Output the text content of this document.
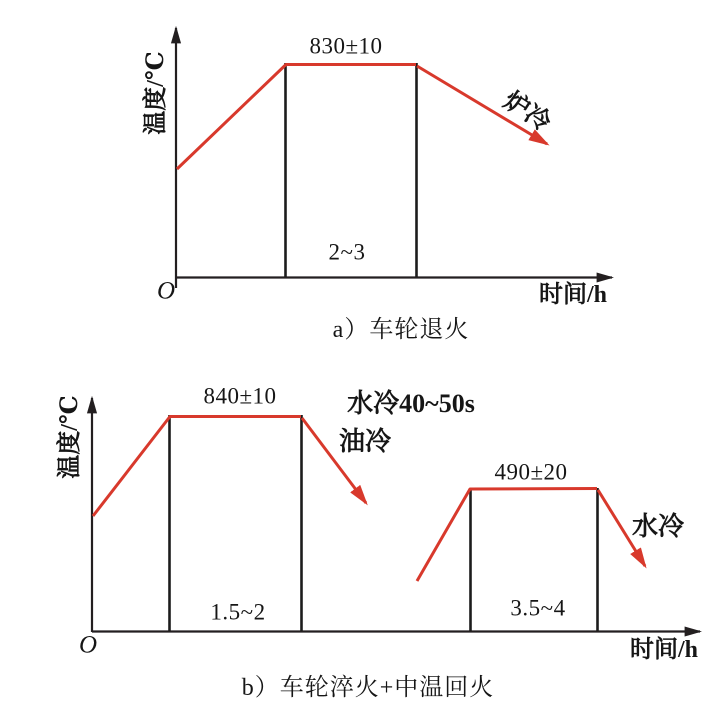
温度/℃
830±10
炉冷
2~3
O	时间/h
a）车轮退火
温度/℃	840±10	水冷40~50s
油冷
490±20
水冷
1.5~2	3.5~4
O	时间/h
b）车轮淬火+中温回火
